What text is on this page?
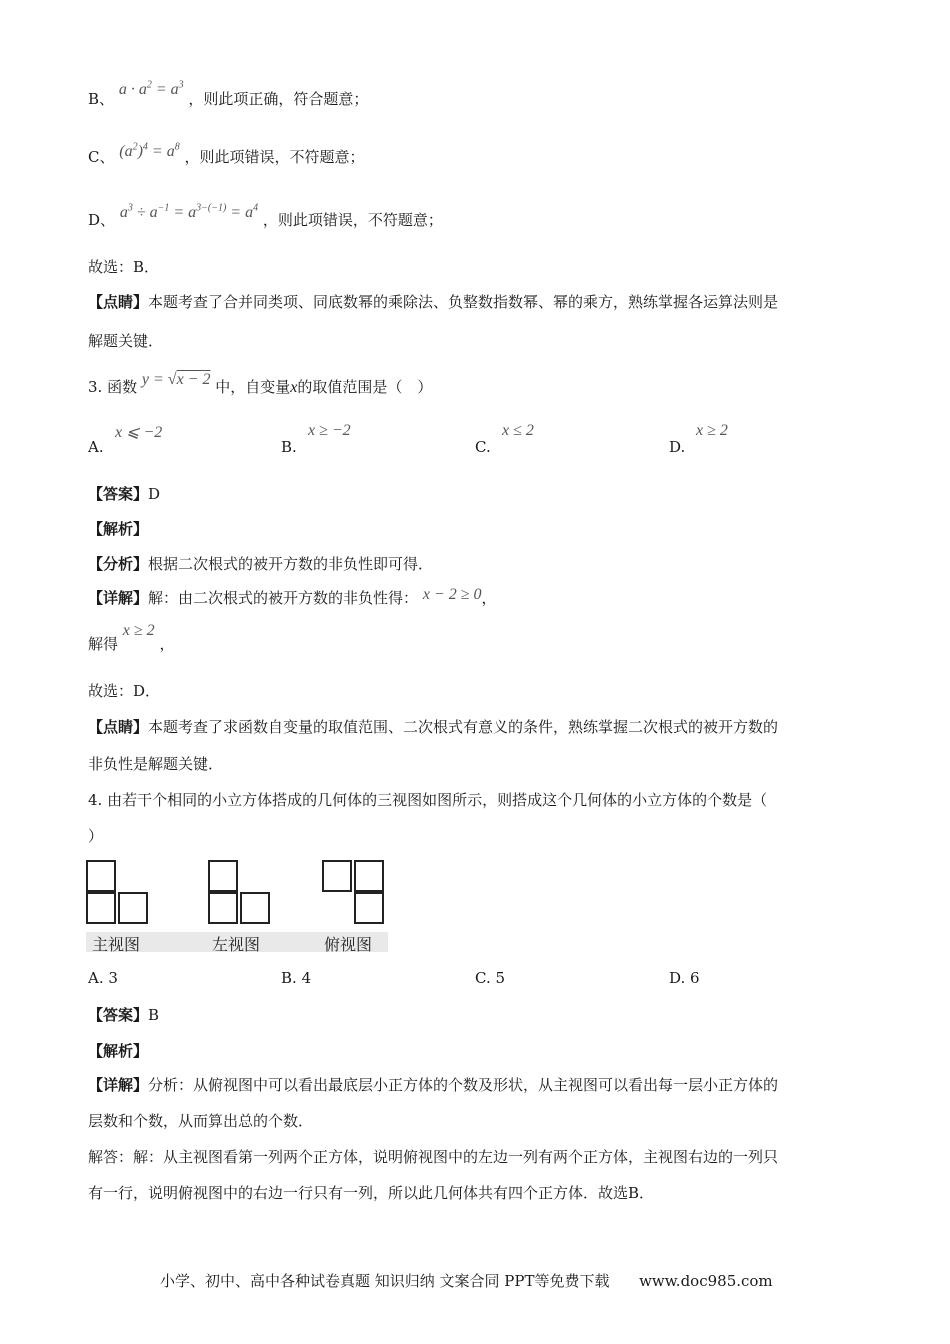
B、 $a \cdot a^2 = a^3$ ，则此项正确，符合题意；
C、 $(a^2)^4 = a^8$ ，则此项错误，不符题意；
D、 $a^3 \div a^{-1} = a^{3-(-1)} = a^4$ ，则此项错误，不符题意；
故选：B．
【点睛】本题考查了合并同类项、同底数幂的乘除法、负整数指数幂、幂的乘方，熟练掌握各运算法则是
解题关键．
3. 函数 y = √x − 2 中，自变量x的取值范围是（　）
A.
x ⩽ −2
B.
x ≥ −2
C.
x ≤ 2
D.
x ≥ 2
【答案】D
【解析】
【分析】根据二次根式的被开方数的非负性即可得．
【详解】解：由二次根式的被开方数的非负性得： x − 2 ≥ 0，
解得 x ≥ 2 ，
故选：D．
【点睛】本题考查了求函数自变量的取值范围、二次根式有意义的条件，熟练掌握二次根式的被开方数的
非负性是解题关键．
4. 由若干个相同的小立方体搭成的几何体的三视图如图所示，则搭成这个几何体的小立方体的个数是（
）
主视图	左视图	俯视图
A. 3	B. 4	C. 5	D. 6
【答案】B
【解析】
【详解】分析：从俯视图中可以看出最底层小正方体的个数及形状，从主视图可以看出每一层小正方体的
层数和个数，从而算出总的个数．
解答：解：从主视图看第一列两个正方体，说明俯视图中的左边一列有两个正方体，主视图右边的一列只
有一行，说明俯视图中的右边一行只有一列，所以此几何体共有四个正方体．故选B．
小学、初中、高中各种试卷真题 知识归纳 文案合同 PPT等免费下载 www.doc985.com
